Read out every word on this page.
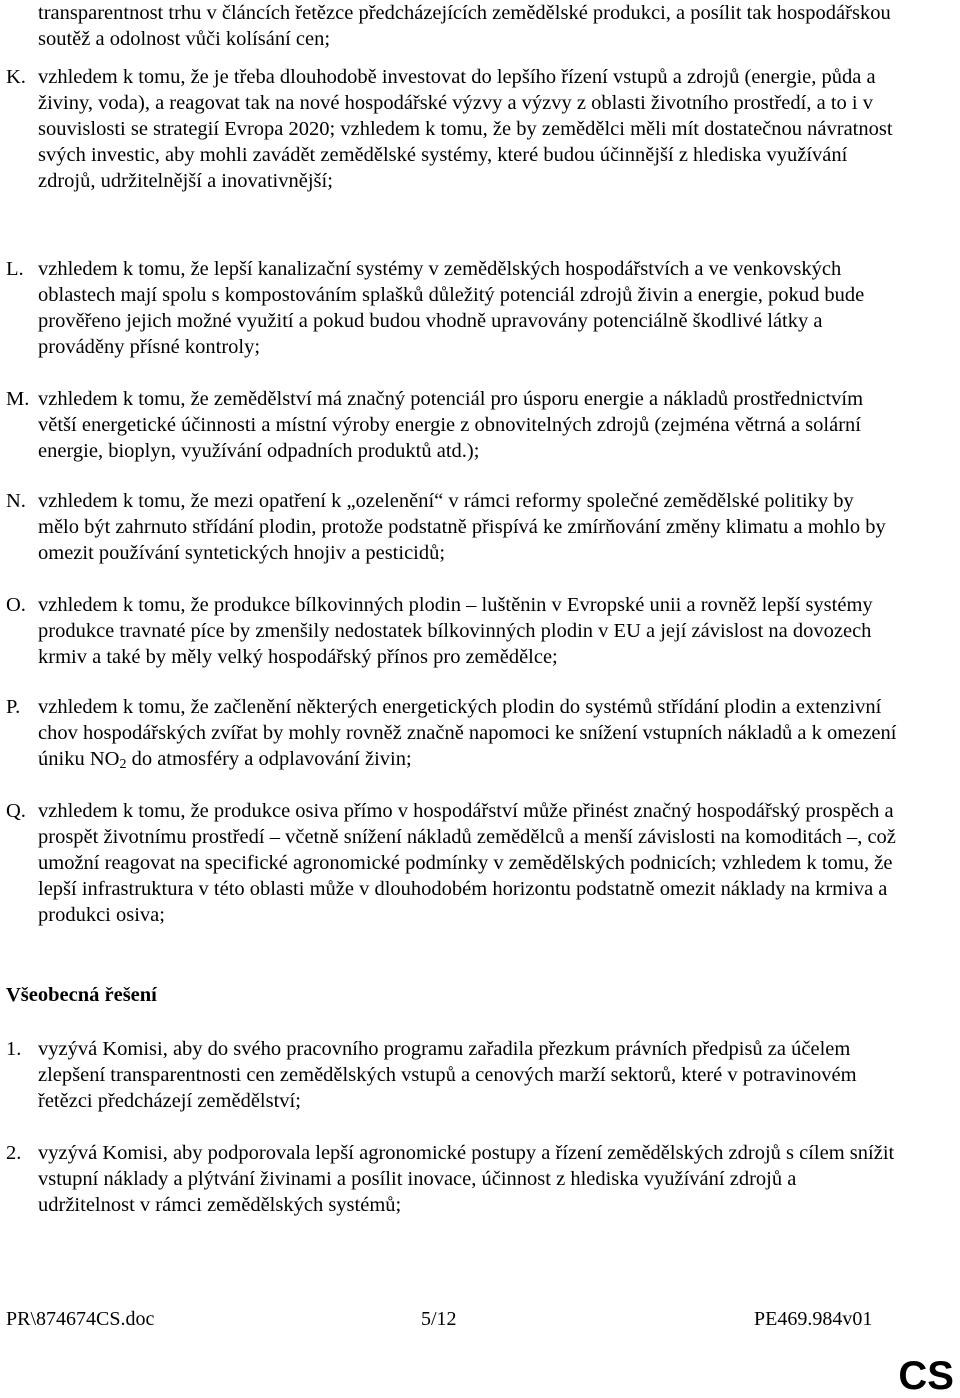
transparentnost trhu v článcích řetězce předcházejících zemědělské produkci, a posílit tak hospodářskou soutěž a odolnost vůči kolísání cen;

K. vzhledem k tomu, že je třeba dlouhodobě investovat do lepšího řízení vstupů a zdrojů (energie, půda a živiny, voda), a reagovat tak na nové hospodářské výzvy a výzvy z oblasti životního prostředí, a to i v souvislosti se strategií Evropa 2020; vzhledem k tomu, že by zemědělci měli mít dostatečnou návratnost svých investic, aby mohli zavádět zemědělské systémy, které budou účinnější z hlediska využívání zdrojů, udržitelnější a inovativnější;

L. vzhledem k tomu, že lepší kanalizační systémy v zemědělských hospodářstvích a ve venkovských oblastech mají spolu s kompostováním splašků důležitý potenciál zdrojů živin a energie, pokud bude prověřeno jejich možné využití a pokud budou vhodně upravovány potenciálně škodlivé látky a prováděny přísné kontroly;

M. vzhledem k tomu, že zemědělství má značný potenciál pro úsporu energie a nákladů prostřednictvím větší energetické účinnosti a místní výroby energie z obnovitelných zdrojů (zejména větrná a solární energie, bioplyn, využívání odpadních produktů atd.);

N. vzhledem k tomu, že mezi opatření k „ozelenění“ v rámci reformy společné zemědělské politiky by mělo být zahrnuto střídání plodin, protože podstatně přispívá ke zmírňování změny klimatu a mohlo by omezit používání syntetických hnojiv a pesticidů;

O. vzhledem k tomu, že produkce bílkovinných plodin – luštěnin v Evropské unii a rovněž lepší systémy produkce travnaté píce by zmenšily nedostatek bílkovinných plodin v EU a její závislost na dovozech krmiv a také by měly velký hospodářský přínos pro zemědělce;

P. vzhledem k tomu, že začlenění některých energetických plodin do systémů střídání plodin a extenzivní chov hospodářských zvířat by mohly rovněž značně napomoci ke snížení vstupních nákladů a k omezení úniku $NO_2$ do atmosféry a odplavování živin;

Q. vzhledem k tomu, že produkce osiva přímo v hospodářství může přinést značný hospodářský prospěch a prospět životnímu prostředí – včetně snížení nákladů zemědělců a menší závislosti na komoditách –, což umožní reagovat na specifické agronomické podmínky v zemědělských podnicích; vzhledem k tomu, že lepší infrastruktura v této oblasti může v dlouhodobém horizontu podstatně omezit náklady na krmiva a produkci osiva;

Všeobecná řešení

1. vyzývá Komisi, aby do svého pracovního programu zařadila přezkum právních předpisů za účelem zlepšení transparentnosti cen zemědělských vstupů a cenových marží sektorů, které v potravinovém řetězci předcházejí zemědělství;

2. vyzývá Komisi, aby podporovala lepší agronomické postupy a řízení zemědělských zdrojů s cílem snížit vstupní náklady a plýtvání živinami a posílit inovace, účinnost z hlediska využívání zdrojů a udržitelnost v rámci zemědělských systémů;

PR\874674CS.doc	5/12	PE469.984v01

CS
